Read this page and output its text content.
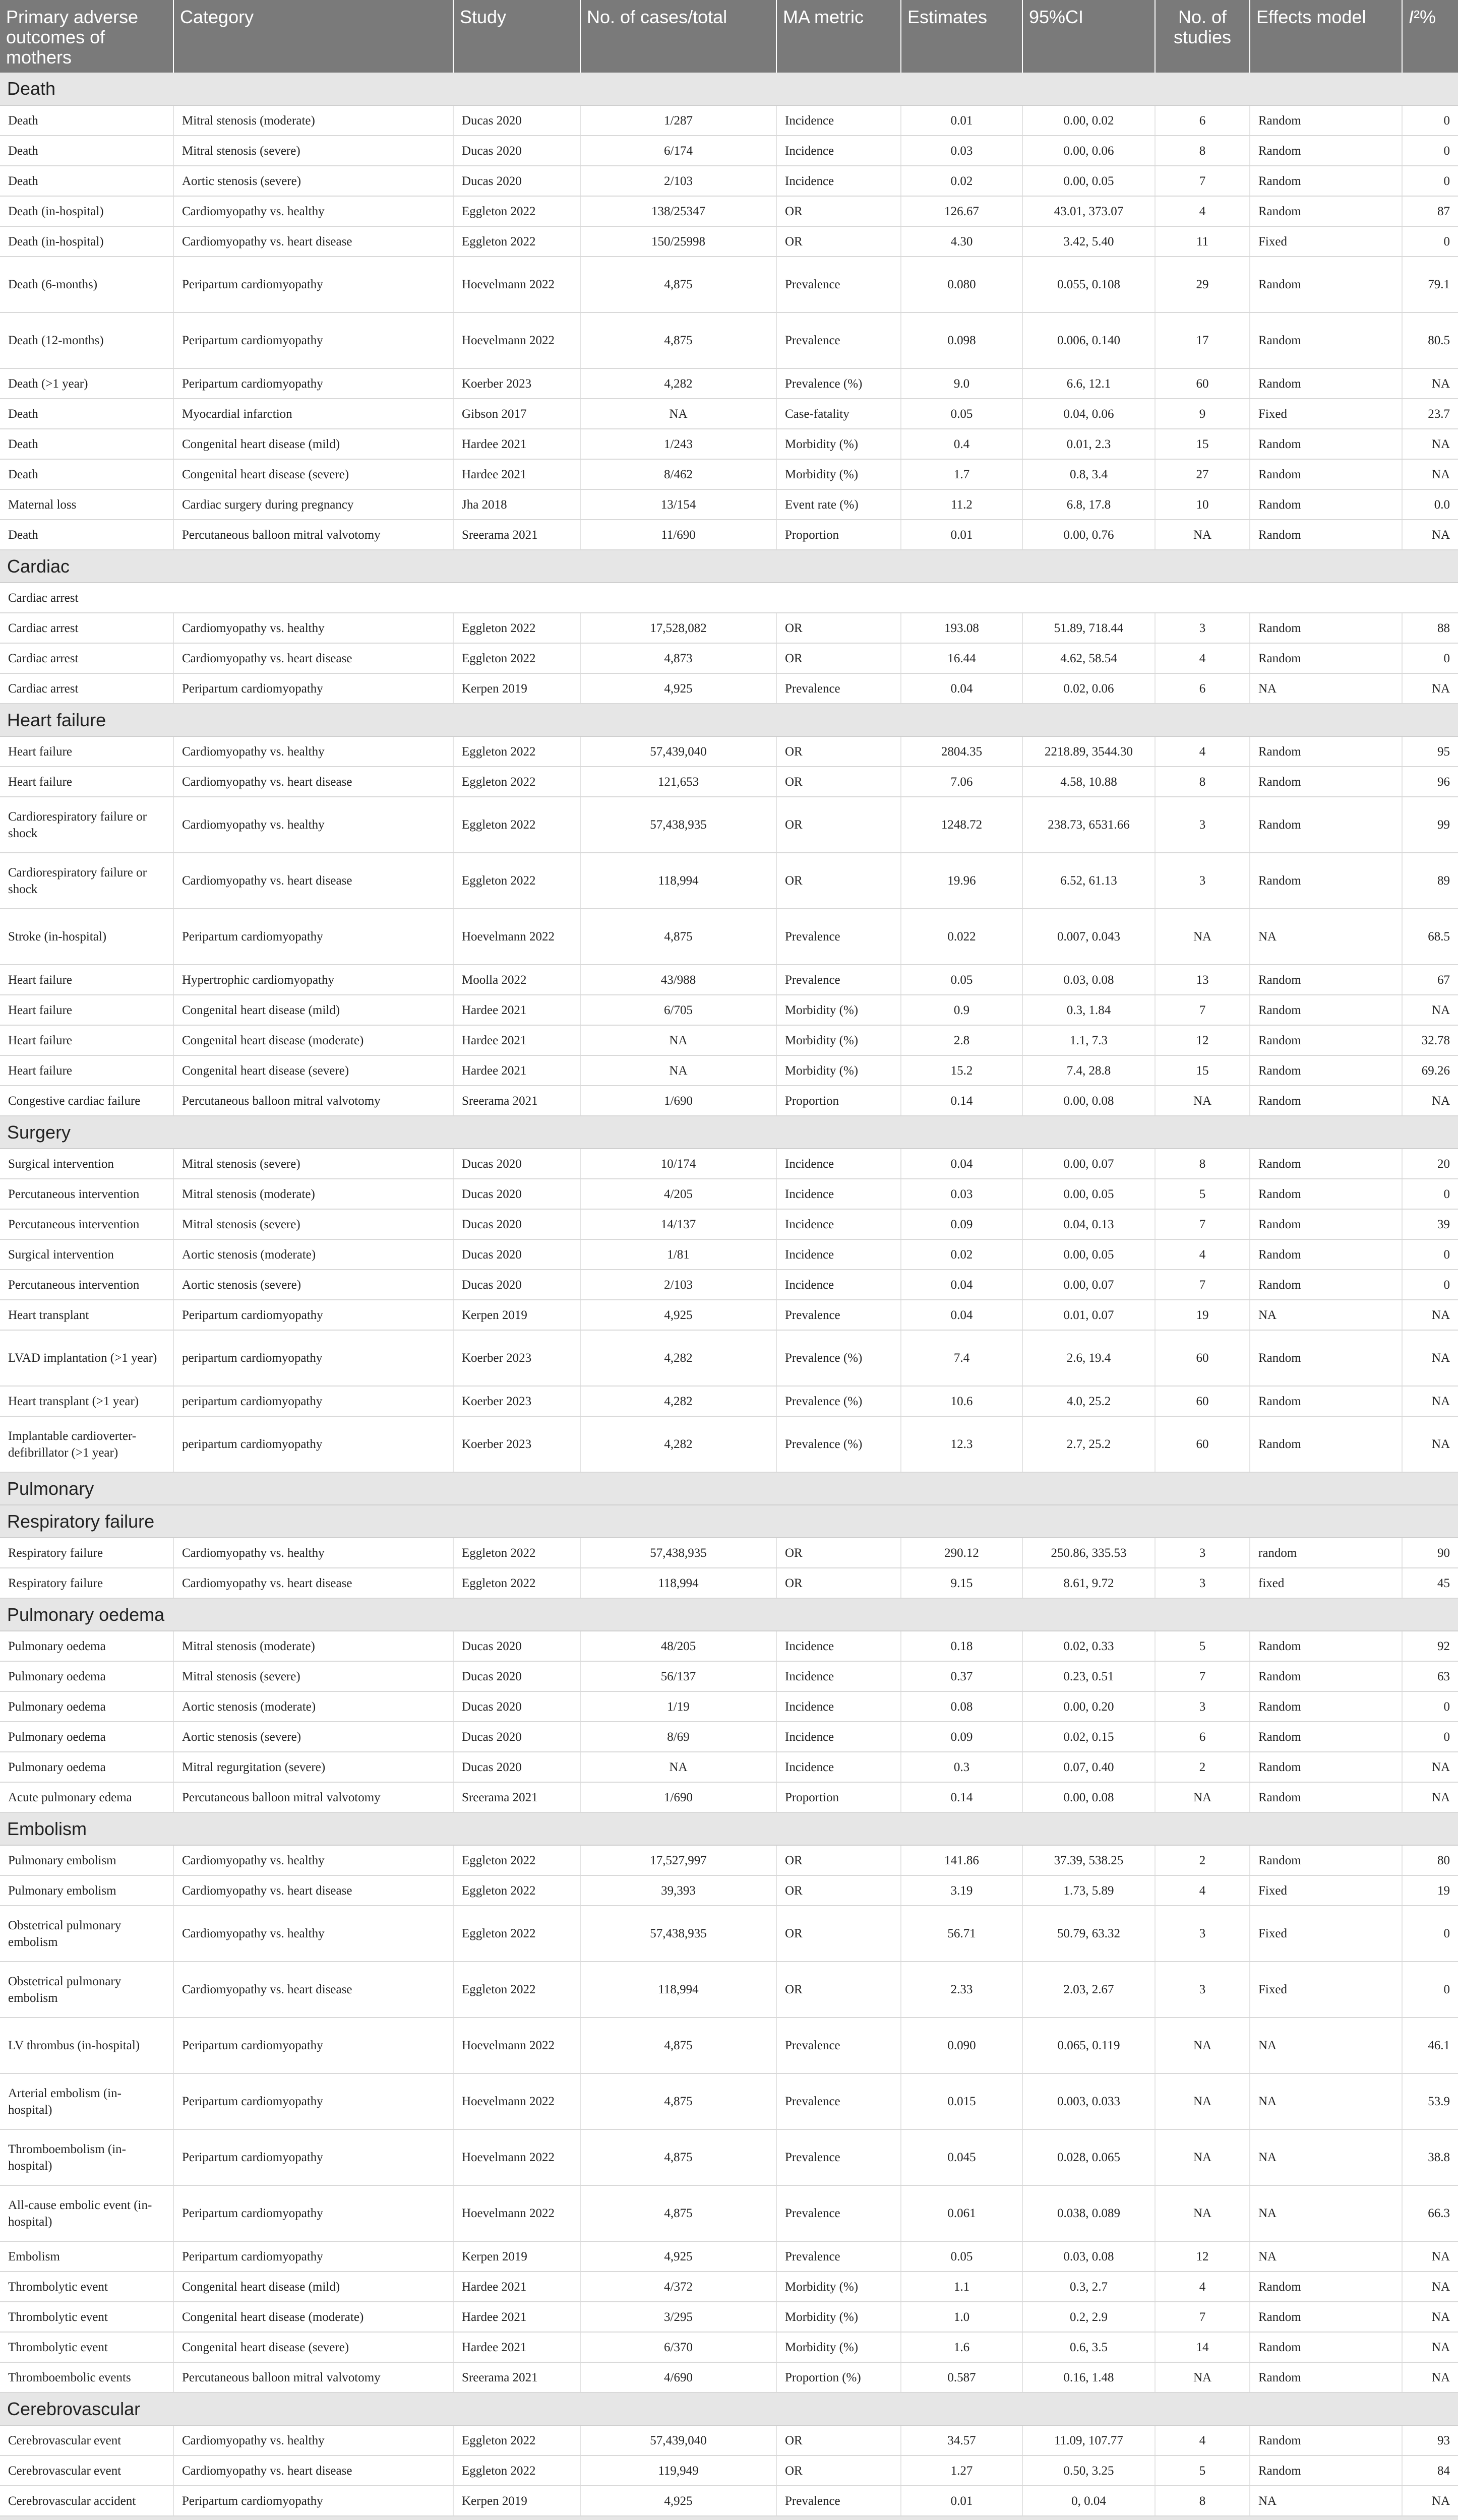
Primary adverse outcomes of mothers	Category	Study	No. of cases/total	MA metric	Estimates	95%CI	No. of studies	Effects model	I²%
Death									
Death	Mitral stenosis (moderate)	Ducas 2020	1/287	Incidence	0.01	0.00, 0.02	6	Random	0
Death	Mitral stenosis (severe)	Ducas 2020	6/174	Incidence	0.03	0.00, 0.06	8	Random	0
Death	Aortic stenosis (severe)	Ducas 2020	2/103	Incidence	0.02	0.00, 0.05	7	Random	0
Death (in-hospital)	Cardiomyopathy vs. healthy	Eggleton 2022	138/25347	OR	126.67	43.01, 373.07	4	Random	87
Death (in-hospital)	Cardiomyopathy vs. heart disease	Eggleton 2022	150/25998	OR	4.30	3.42, 5.40	11	Fixed	0
Death (6-months)	Peripartum cardiomyopathy	Hoevelmann 2022	4,875	Prevalence	0.080	0.055, 0.108	29	Random	79.1
Death (12-months)	Peripartum cardiomyopathy	Hoevelmann 2022	4,875	Prevalence	0.098	0.006, 0.140	17	Random	80.5
Death (>1 year)	Peripartum cardiomyopathy	Koerber 2023	4,282	Prevalence (%)	9.0	6.6, 12.1	60	Random	NA
Death	Myocardial infarction	Gibson 2017	NA	Case-fatality	0.05	0.04, 0.06	9	Fixed	23.7
Death	Congenital heart disease (mild)	Hardee 2021	1/243	Morbidity (%)	0.4	0.01, 2.3	15	Random	NA
Death	Congenital heart disease (severe)	Hardee 2021	8/462	Morbidity (%)	1.7	0.8, 3.4	27	Random	NA
Maternal loss	Cardiac surgery during pregnancy	Jha 2018	13/154	Event rate (%)	11.2	6.8, 17.8	10	Random	0.0
Death	Percutaneous balloon mitral valvotomy	Sreerama 2021	11/690	Proportion	0.01	0.00, 0.76	NA	Random	NA
Cardiac									
Cardiac arrest									
Cardiac arrest	Cardiomyopathy vs. healthy	Eggleton 2022	17,528,082	OR	193.08	51.89, 718.44	3	Random	88
Cardiac arrest	Cardiomyopathy vs. heart disease	Eggleton 2022	4,873	OR	16.44	4.62, 58.54	4	Random	0
Cardiac arrest	Peripartum cardiomyopathy	Kerpen 2019	4,925	Prevalence	0.04	0.02, 0.06	6	NA	NA
Heart failure									
Heart failure	Cardiomyopathy vs. healthy	Eggleton 2022	57,439,040	OR	2804.35	2218.89, 3544.30	4	Random	95
Heart failure	Cardiomyopathy vs. heart disease	Eggleton 2022	121,653	OR	7.06	4.58, 10.88	8	Random	96
Cardiorespiratory failure or shock	Cardiomyopathy vs. healthy	Eggleton 2022	57,438,935	OR	1248.72	238.73, 6531.66	3	Random	99
Cardiorespiratory failure or shock	Cardiomyopathy vs. heart disease	Eggleton 2022	118,994	OR	19.96	6.52, 61.13	3	Random	89
Stroke (in-hospital)	Peripartum cardiomyopathy	Hoevelmann 2022	4,875	Prevalence	0.022	0.007, 0.043	NA	NA	68.5
Heart failure	Hypertrophic cardiomyopathy	Moolla 2022	43/988	Prevalence	0.05	0.03, 0.08	13	Random	67
Heart failure	Congenital heart disease (mild)	Hardee 2021	6/705	Morbidity (%)	0.9	0.3, 1.84	7	Random	NA
Heart failure	Congenital heart disease (moderate)	Hardee 2021	NA	Morbidity (%)	2.8	1.1, 7.3	12	Random	32.78
Heart failure	Congenital heart disease (severe)	Hardee 2021	NA	Morbidity (%)	15.2	7.4, 28.8	15	Random	69.26
Congestive cardiac failure	Percutaneous balloon mitral valvotomy	Sreerama 2021	1/690	Proportion	0.14	0.00, 0.08	NA	Random	NA
Surgery									
Surgical intervention	Mitral stenosis (severe)	Ducas 2020	10/174	Incidence	0.04	0.00, 0.07	8	Random	20
Percutaneous intervention	Mitral stenosis (moderate)	Ducas 2020	4/205	Incidence	0.03	0.00, 0.05	5	Random	0
Percutaneous intervention	Mitral stenosis (severe)	Ducas 2020	14/137	Incidence	0.09	0.04, 0.13	7	Random	39
Surgical intervention	Aortic stenosis (moderate)	Ducas 2020	1/81	Incidence	0.02	0.00, 0.05	4	Random	0
Percutaneous intervention	Aortic stenosis (severe)	Ducas 2020	2/103	Incidence	0.04	0.00, 0.07	7	Random	0
Heart transplant	Peripartum cardiomyopathy	Kerpen 2019	4,925	Prevalence	0.04	0.01, 0.07	19	NA	NA
LVAD implantation (>1 year)	peripartum cardiomyopathy	Koerber 2023	4,282	Prevalence (%)	7.4	2.6, 19.4	60	Random	NA
Heart transplant (>1 year)	peripartum cardiomyopathy	Koerber 2023	4,282	Prevalence (%)	10.6	4.0, 25.2	60	Random	NA
Implantable cardioverter-defibrillator (>1 year)	peripartum cardiomyopathy	Koerber 2023	4,282	Prevalence (%)	12.3	2.7, 25.2	60	Random	NA
Pulmonary									
Respiratory failure									
Respiratory failure	Cardiomyopathy vs. healthy	Eggleton 2022	57,438,935	OR	290.12	250.86, 335.53	3	random	90
Respiratory failure	Cardiomyopathy vs. heart disease	Eggleton 2022	118,994	OR	9.15	8.61, 9.72	3	fixed	45
Pulmonary oedema									
Pulmonary oedema	Mitral stenosis (moderate)	Ducas 2020	48/205	Incidence	0.18	0.02, 0.33	5	Random	92
Pulmonary oedema	Mitral stenosis (severe)	Ducas 2020	56/137	Incidence	0.37	0.23, 0.51	7	Random	63
Pulmonary oedema	Aortic stenosis (moderate)	Ducas 2020	1/19	Incidence	0.08	0.00, 0.20	3	Random	0
Pulmonary oedema	Aortic stenosis (severe)	Ducas 2020	8/69	Incidence	0.09	0.02, 0.15	6	Random	0
Pulmonary oedema	Mitral regurgitation (severe)	Ducas 2020	NA	Incidence	0.3	0.07, 0.40	2	Random	NA
Acute pulmonary edema	Percutaneous balloon mitral valvotomy	Sreerama 2021	1/690	Proportion	0.14	0.00, 0.08	NA	Random	NA
Embolism									
Pulmonary embolism	Cardiomyopathy vs. healthy	Eggleton 2022	17,527,997	OR	141.86	37.39, 538.25	2	Random	80
Pulmonary embolism	Cardiomyopathy vs. heart disease	Eggleton 2022	39,393	OR	3.19	1.73, 5.89	4	Fixed	19
Obstetrical pulmonary embolism	Cardiomyopathy vs. healthy	Eggleton 2022	57,438,935	OR	56.71	50.79, 63.32	3	Fixed	0
Obstetrical pulmonary embolism	Cardiomyopathy vs. heart disease	Eggleton 2022	118,994	OR	2.33	2.03, 2.67	3	Fixed	0
LV thrombus (in-hospital)	Peripartum cardiomyopathy	Hoevelmann 2022	4,875	Prevalence	0.090	0.065, 0.119	NA	NA	46.1
Arterial embolism (in-hospital)	Peripartum cardiomyopathy	Hoevelmann 2022	4,875	Prevalence	0.015	0.003, 0.033	NA	NA	53.9
Thromboembolism (in-hospital)	Peripartum cardiomyopathy	Hoevelmann 2022	4,875	Prevalence	0.045	0.028, 0.065	NA	NA	38.8
All-cause embolic event (in-hospital)	Peripartum cardiomyopathy	Hoevelmann 2022	4,875	Prevalence	0.061	0.038, 0.089	NA	NA	66.3
Embolism	Peripartum cardiomyopathy	Kerpen 2019	4,925	Prevalence	0.05	0.03, 0.08	12	NA	NA
Thrombolytic event	Congenital heart disease (mild)	Hardee 2021	4/372	Morbidity (%)	1.1	0.3, 2.7	4	Random	NA
Thrombolytic event	Congenital heart disease (moderate)	Hardee 2021	3/295	Morbidity (%)	1.0	0.2, 2.9	7	Random	NA
Thrombolytic event	Congenital heart disease (severe)	Hardee 2021	6/370	Morbidity (%)	1.6	0.6, 3.5	14	Random	NA
Thromboembolic events	Percutaneous balloon mitral valvotomy	Sreerama 2021	4/690	Proportion (%)	0.587	0.16, 1.48	NA	Random	NA
Cerebrovascular									
Cerebrovascular event	Cardiomyopathy vs. healthy	Eggleton 2022	57,439,040	OR	34.57	11.09, 107.77	4	Random	93
Cerebrovascular event	Cardiomyopathy vs. heart disease	Eggleton 2022	119,949	OR	1.27	0.50, 3.25	5	Random	84
Cerebrovascular accident	Peripartum cardiomyopathy	Kerpen 2019	4,925	Prevalence	0.01	0, 0.04	8	NA	NA
